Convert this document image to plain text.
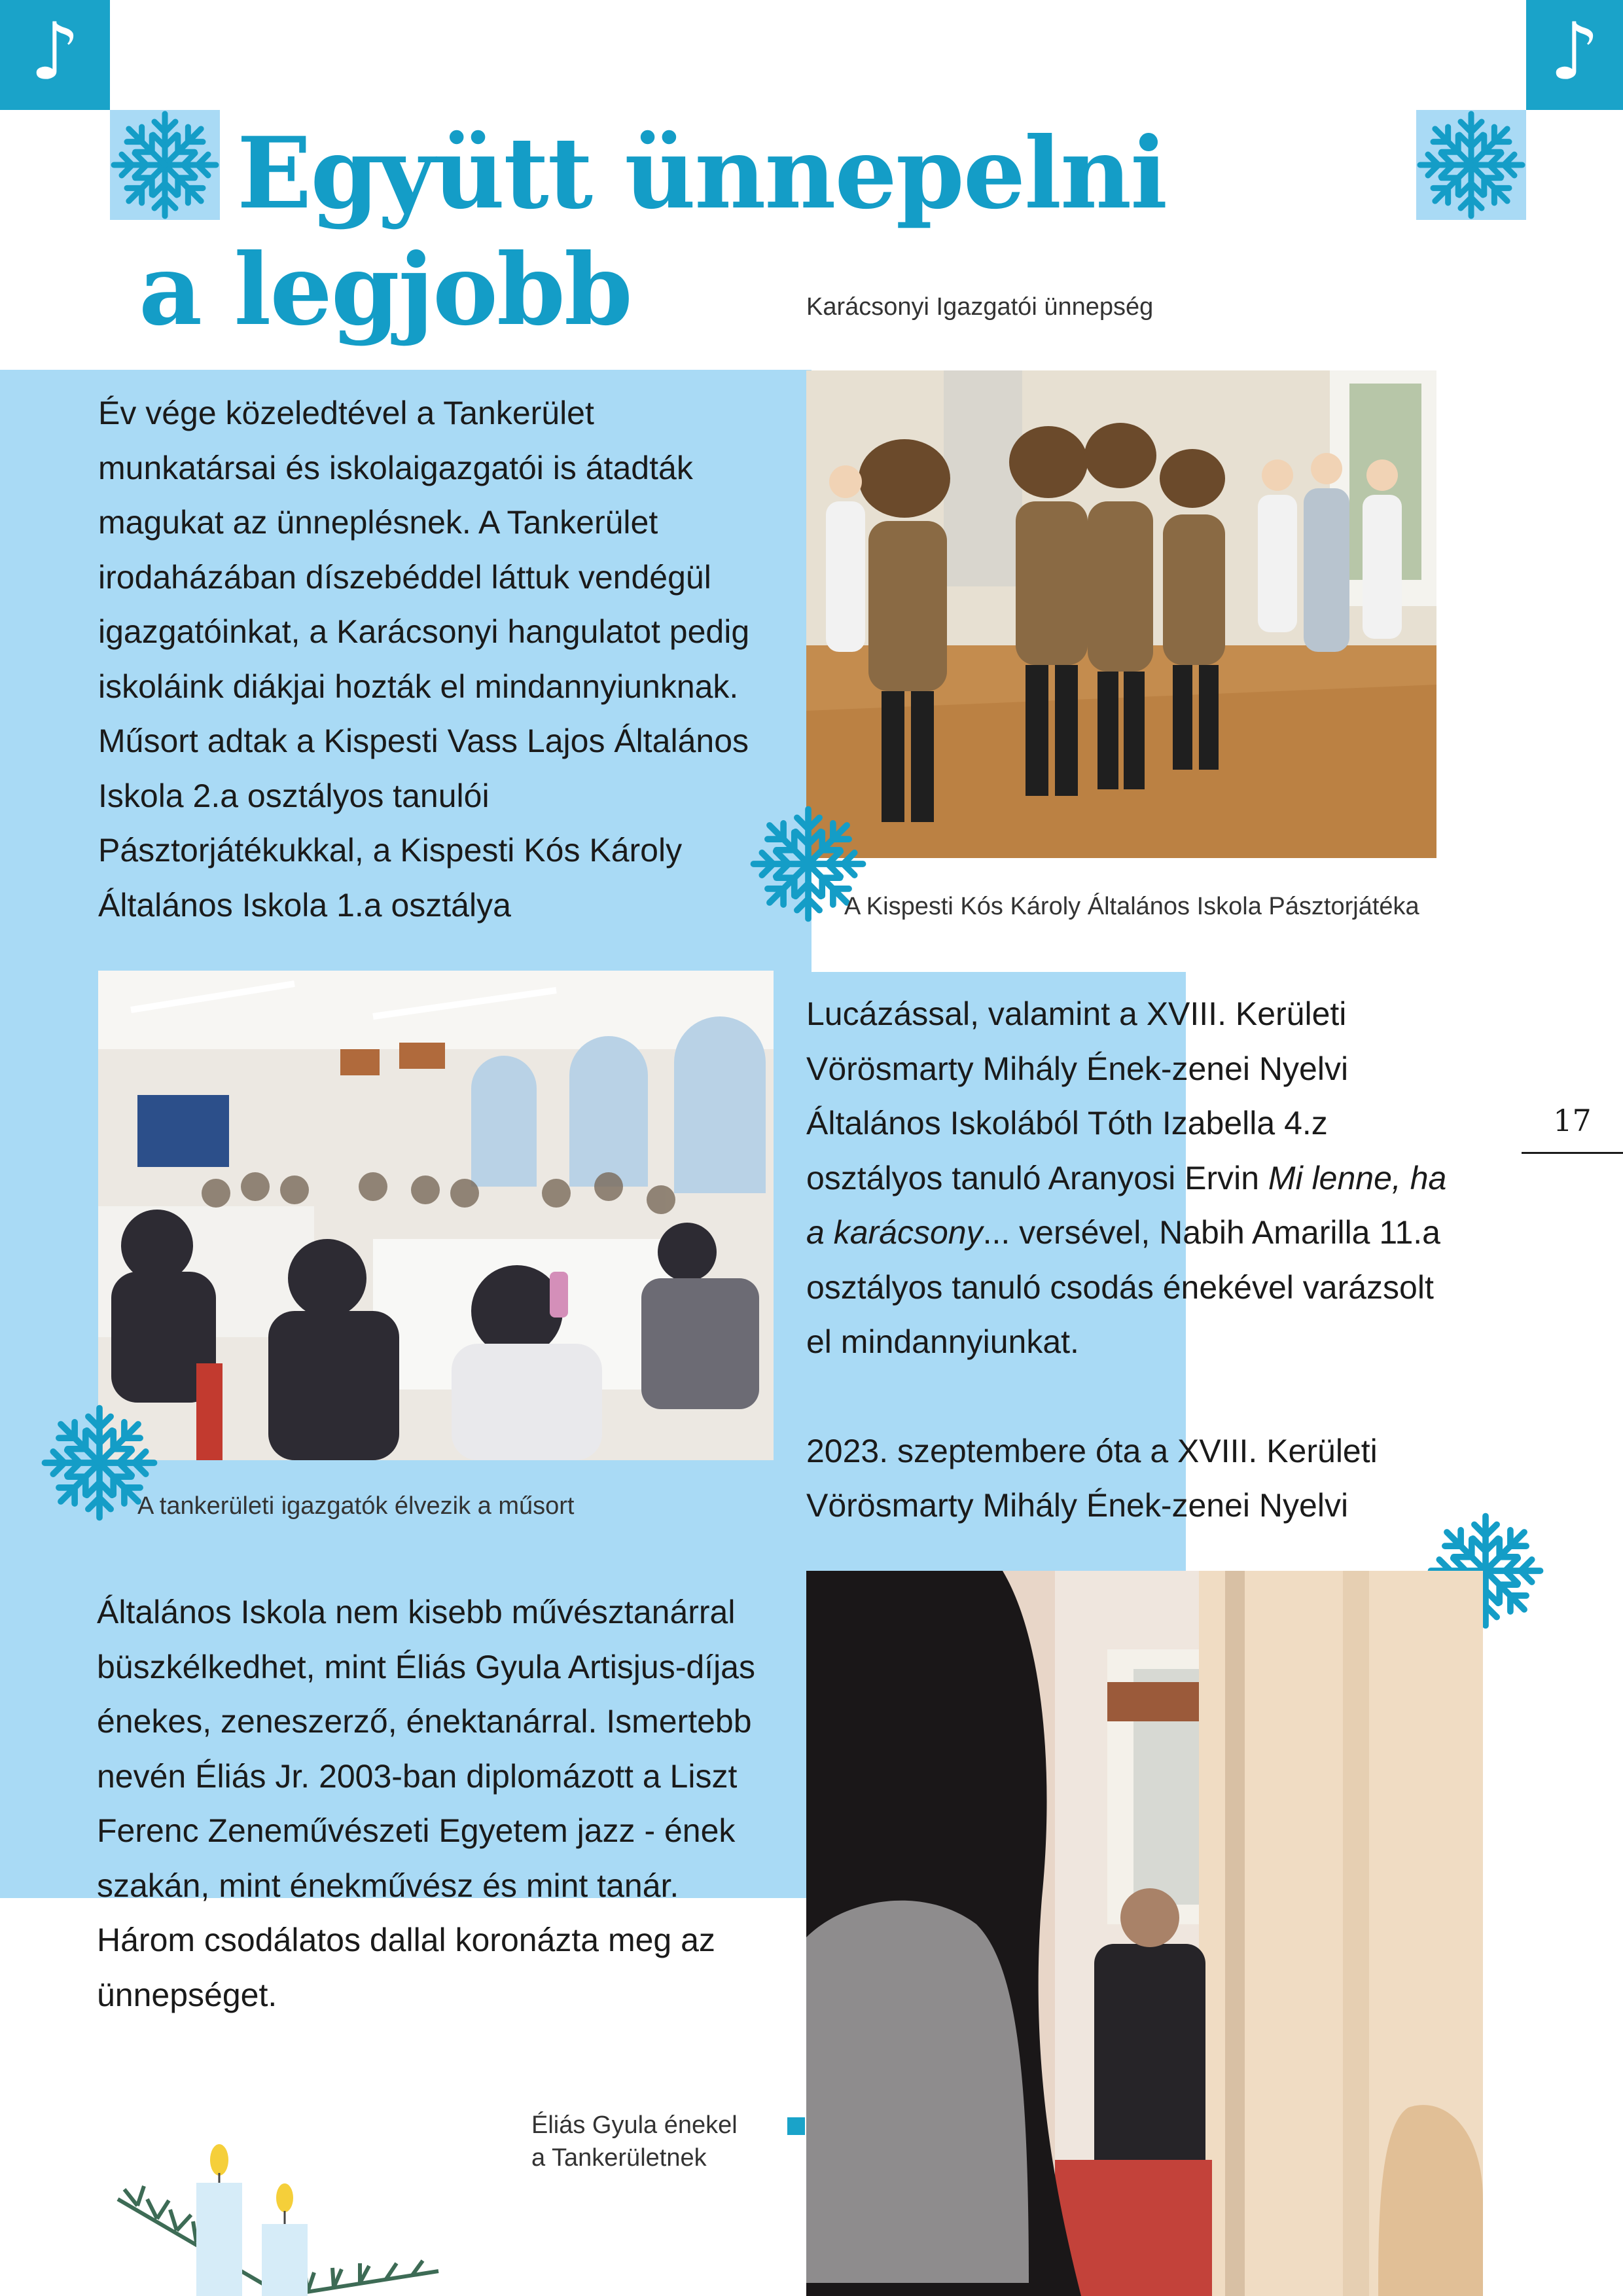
♪	♪
Együtt ünnepelni
a legjobb	Karácsonyi Igazgatói ünnepség

Év vége közeledtével a Tankerület munkatársai és iskolaigazgatói is átadták magukat az ünneplésnek. A Tankerület irodaházában díszebéddel láttuk vendégül igazgatóinkat, a Karácsonyi hangulatot pedig iskoláink diákjai hozták el mindannyiunknak. Műsort adtak a Kispesti Vass Lajos Általános Iskola 2.a osztályos tanulói Pásztorjátékukkal, a Kispesti Kós Károly Általános Iskola 1.a osztálya	A Kispesti Kós Károly Általános Iskola Pásztorjátéka
A tankerületi igazgatók élvezik a műsort

Lucázással, valamint a XVIII. Kerületi Vörösmarty Mihály Ének-zenei Nyelvi Általános Iskolából Tóth Izabella 4.z osztályos tanuló Aranyosi Ervin Mi lenne, ha a karácsony... versével, Nabih Amarilla 11.a osztályos tanuló csodás énekével varázsolt el mindannyiunkat.

2023. szeptembere óta a XVIII. Kerületi Vörösmarty Mihály Ének-zenei Nyelvi

17

Általános Iskola nem kisebb művésztanárral büszkélkedhet, mint Éliás Gyula Artisjus-díjas énekes, zeneszerző, énektanárral. Ismertebb nevén Éliás Jr. 2003-ban diplomázott a Liszt Ferenc Zeneművészeti Egyetem jazz - ének szakán, mint énekművész és mint tanár. Három csodálatos dallal koronázta meg az ünnepséget.

Éliás Gyula énekel
a Tankerületnek
